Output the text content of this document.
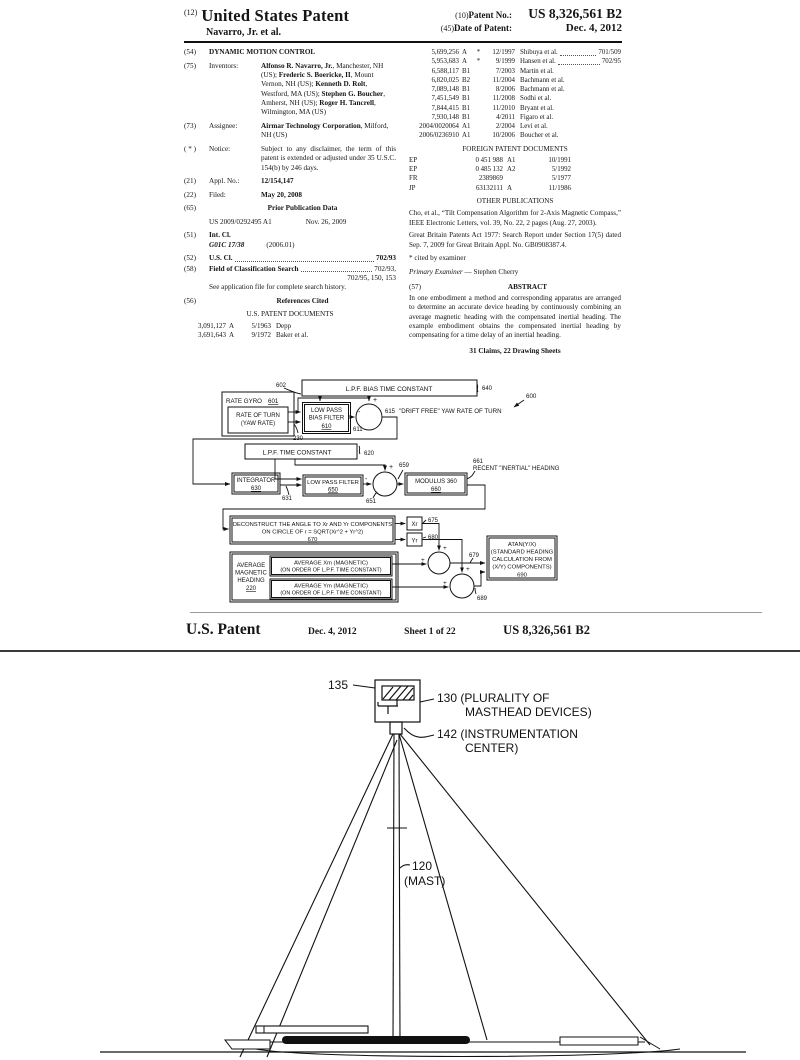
$^{(12)}$ United States Patent
Navarro, Jr. et al.
(10) Patent No.:	US 8,326,561 B2
(45) Date of Patent:	Dec. 4, 2012
(54)	DYNAMIC MOTION CONTROL
(75)	Inventors:	Alfonso R. Navarro, Jr., Manchester, NH (US); Frederic S. Boericke, II, Mount Vernon, NH (US); Kenneth D. Rolt, Westford, MA (US); Stephen G. Boucher, Amherst, NH (US); Roger H. Tancrell, Wilmington, MA (US)
(73)	Assignee:	Airmar Technology Corporation, Milford, NH (US)
( * )	Notice:	Subject to any disclaimer, the term of this patent is extended or adjusted under 35 U.S.C. 154(b) by 246 days.
(21)	Appl. No.:	12/154,147
(22)	Filed:	May 20, 2008
(65)	Prior Publication Data
US 2009/0292495 A1	Nov. 26, 2009
(51)	Int. Cl.
G01C 17/38	(2006.01)
(52)	U.S. Cl.	702/93
(58)	Field of Classification Search	702/93,
702/95, 150, 153
See application file for complete search history.
(56)	References Cited
U.S. PATENT DOCUMENTS
3,091,127 A	5/1963 Depp
3,691,643 A	9/1972 Baker et al.
5,699,256 A	*	12/1997 Shibuya et al.	701/509
5,953,683 A	*	9/1999 Hansen et al.	702/95
6,588,117 B1	7/2003 Martin et al.
6,820,025 B2	11/2004 Bachmann et al.
7,089,148 B1	8/2006 Bachmann et al.
7,451,549 B1	11/2008 Sodhi et al.
7,844,415 B1	11/2010 Bryant et al.
7,930,148 B1	4/2011 Figaro et al.
2004/0020064 A1	2/2004 Levi et al.
2006/0236910 A1	10/2006 Boucher et al.
FOREIGN PATENT DOCUMENTS
EP	0 451 988 A1	10/1991
EP	0 485 132 A2	5/1992
FR	2389869	5/1977
JP	63132111 A	11/1986
OTHER PUBLICATIONS
Cho, et al., “Tilt Compensation Algorithm for 2-Axis Magnetic Compass,” IEEE Electronic Letters, vol. 39, No. 22, 2 pages (Aug. 27, 2003).
Great Britain Patents Act 1977: Search Report under Section 17(5) dated Sep. 7, 2009 for Great Britain Appl. No. GB0908387.4.
* cited by examiner
Primary Examiner — Stephen Cherry
(57)	ABSTRACT
In one embodiment a method and corresponding apparatus are arranged to determine an accurate device heading by continuously combining an average magnetic heading with the compensated inertial heading. The example embodiment obtains the compensated inertial heading by compensating for a time delay of an inertial heading.
31 Claims, 22 Drawing Sheets
L.P.F. BIAS TIME CONSTANT
602	640
RATE GYRO 601
RATE OF TURN
(YAW RATE)
230
LOW PASS
BIAS FILTER
610	611
-
+
615 "DRIFT FREE" YAW RATE OF TURN
600
L.P.F. TIME CONSTANT	620
INTEGRATOR
630
631
LOW PASS FILTER
650
651
-
+ 659
MODULUS 360
660
661
RECENT "INERTIAL" HEADING
DECONSTRUCT THE ANGLE TO Xr AND Yr COMPONENTS
ON CIRCLE OF r = SQRT(Xr^2 + Yr^2)
670
Xr
Yr
675
680
AVERAGE
MAGNETIC
HEADING
220
AVERAGE Xm (MAGNETIC)
(ON ORDER OF L.P.F. TIME CONSTANT)
AVERAGE Ym (MAGNETIC)
(ON ORDER OF L.P.F. TIME CONSTANT)
+
+
+
+
679
689
ATAN(Y/X)
(STANDARD HEADING
CALCULATION FROM
(X/Y) COMPONENTS)
690
U.S. Patent	Dec. 4, 2012	Sheet 1 of 22	US 8,326,561 B2
135
130 (PLURALITY OF
MASTHEAD DEVICES)
142 (INSTRUMENTATION
CENTER)
120
(MAST)
